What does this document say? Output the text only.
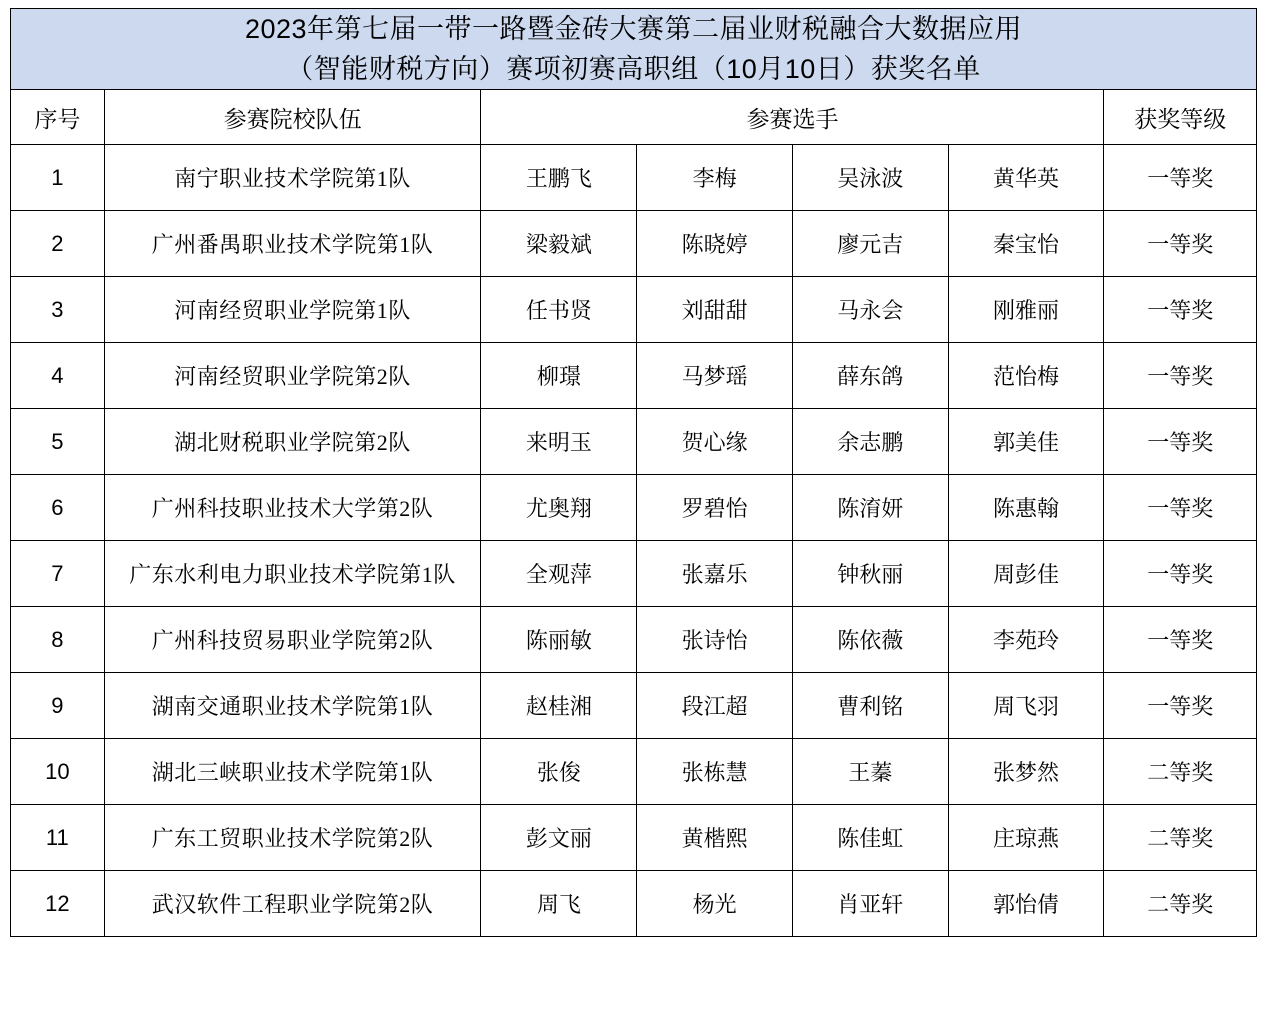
2023年第七届一带一路暨金砖大赛第二届业财税融合大数据应用
（智能财税方向）赛项初赛高职组（10月10日）获奖名单						

序号	参赛院校队伍	参赛选手				获奖等级
1	南宁职业技术学院第1队	王鹏飞	李梅	吴泳波	黄华英	一等奖
2	广州番禺职业技术学院第1队	梁毅斌	陈晓婷	廖元吉	秦宝怡	一等奖
3	河南经贸职业学院第1队	任书贤	刘甜甜	马永会	刚雅丽	一等奖
4	河南经贸职业学院第2队	柳璟	马梦瑶	薛东鸽	范怡梅	一等奖
5	湖北财税职业学院第2队	来明玉	贺心缘	余志鹏	郭美佳	一等奖
6	广州科技职业技术大学第2队	尤奥翔	罗碧怡	陈淯妍	陈惠翰	一等奖
7	广东水利电力职业技术学院第1队	全观萍	张嘉乐	钟秋丽	周彭佳	一等奖
8	广州科技贸易职业学院第2队	陈丽敏	张诗怡	陈依薇	李苑玲	一等奖
9	湖南交通职业技术学院第1队	赵桂湘	段江超	曹利铭	周飞羽	一等奖
10	湖北三峡职业技术学院第1队	张俊	张栋慧	王蓁	张梦然	二等奖
11	广东工贸职业技术学院第2队	彭文丽	黄楷熙	陈佳虹	庄琼燕	二等奖
12	武汉软件工程职业学院第2队	周飞	杨光	肖亚轩	郭怡倩	二等奖
